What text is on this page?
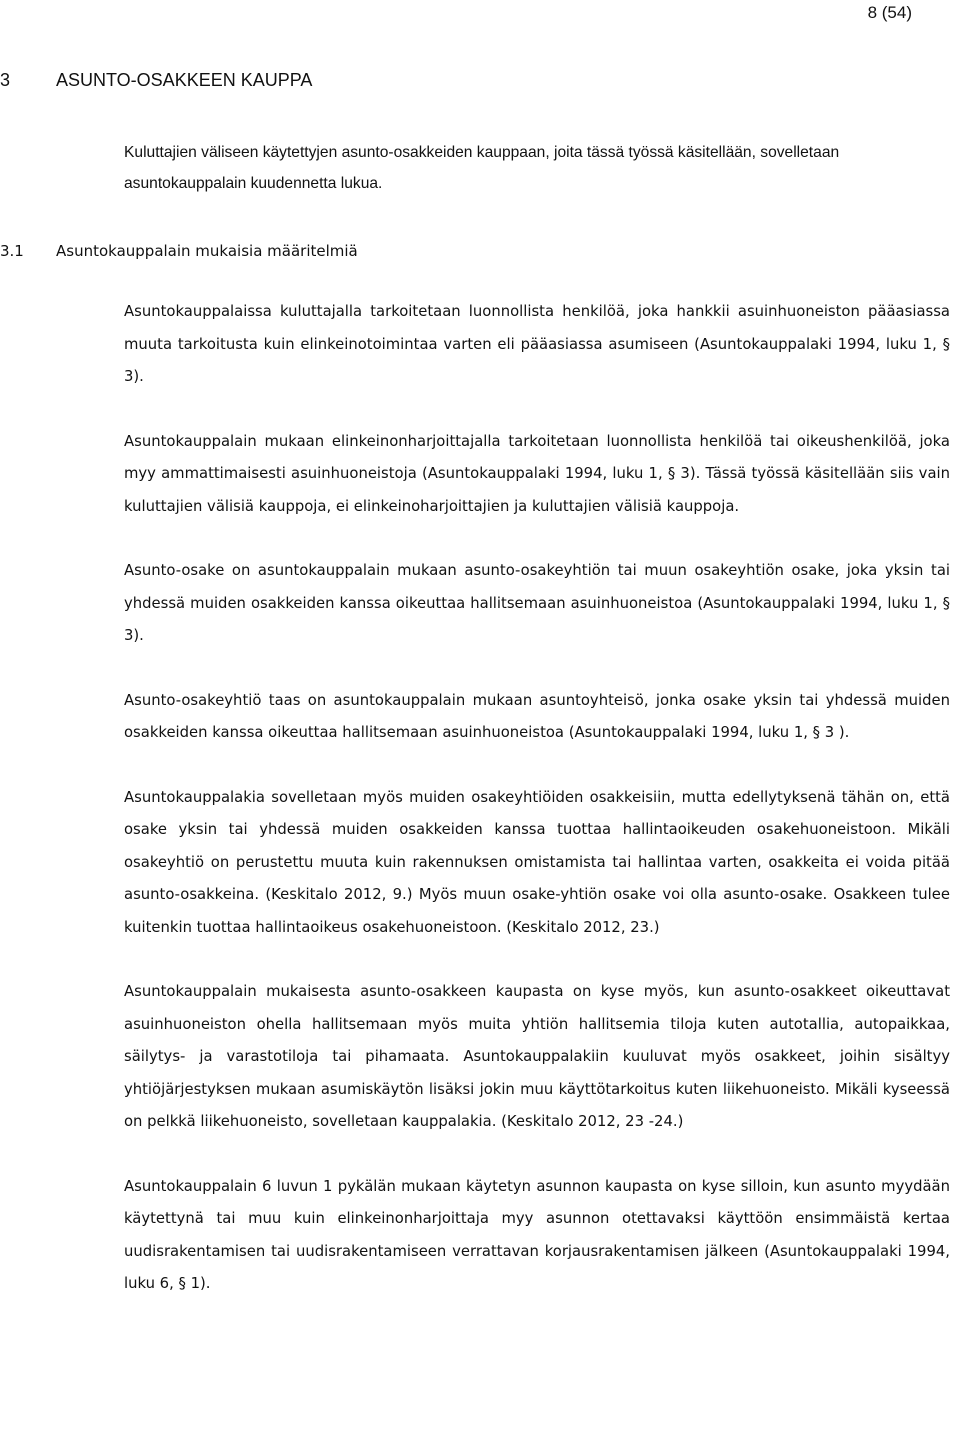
8 (54)
3	ASUNTO-OSAKKEEN KAUPPA

Kuluttajien väliseen käytettyjen asunto-osakkeiden kauppaan, joita tässä työssä käsitellään, sovelletaan asuntokauppalain kuudennetta lukua.

3.1 Asuntokauppalain mukaisia määritelmiä

Asuntokauppalaissa kuluttajalla tarkoitetaan luonnollista henkilöä, joka hankkii asuinhuoneiston pääasiassa muuta tarkoitusta kuin elinkeinotoimintaa varten eli pääasiassa asumiseen (Asuntokauppalaki 1994, luku 1, § 3).

Asuntokauppalain mukaan elinkeinonharjoittajalla tarkoitetaan luonnollista henkilöä tai oikeushenkilöä, joka myy ammattimaisesti asuinhuoneistoja (Asuntokauppalaki 1994, luku 1, § 3). Tässä työssä käsitellään siis vain kuluttajien välisiä kauppoja, ei elinkeinoharjoittajien ja kuluttajien välisiä kauppoja.

Asunto-osake on asuntokauppalain mukaan asunto-osakeyhtiön tai muun osakeyhtiön osake, joka yksin tai yhdessä muiden osakkeiden kanssa oikeuttaa hallitsemaan asuinhuoneistoa (Asuntokauppalaki 1994, luku 1, § 3).

Asunto-osakeyhtiö taas on asuntokauppalain mukaan asuntoyhteisö, jonka osake yksin tai yhdessä muiden osakkeiden kanssa oikeuttaa hallitsemaan asuinhuoneistoa (Asuntokauppalaki 1994, luku 1, § 3 ).

Asuntokauppalakia sovelletaan myös muiden osakeyhtiöiden osakkeisiin, mutta edellytyksenä tähän on, että osake yksin tai yhdessä muiden osakkeiden kanssa tuottaa hallintaoikeuden osakehuoneistoon. Mikäli osakeyhtiö on perustettu muuta kuin rakennuksen omistamista tai hallintaa varten, osakkeita ei voida pitää asunto-osakkeina. (Keskitalo 2012, 9.) Myös muun osake-yhtiön osake voi olla asunto-osake. Osakkeen tulee kuitenkin tuottaa hallintaoikeus osakehuoneistoon. (Keskitalo 2012, 23.)

Asuntokauppalain mukaisesta asunto-osakkeen kaupasta on kyse myös, kun asunto-osakkeet oikeuttavat asuinhuoneiston ohella hallitsemaan myös muita yhtiön hallitsemia tiloja kuten autotallia, autopaikkaa, säilytys- ja varastotiloja tai pihamaata. Asuntokauppalakiin kuuluvat myös osakkeet, joihin sisältyy yhtiöjärjestyksen mukaan asumiskäytön lisäksi jokin muu käyttötarkoitus kuten liikehuoneisto. Mikäli kyseessä on pelkkä liikehuoneisto, sovelletaan kauppalakia. (Keskitalo 2012, 23 -24.)

Asuntokauppalain 6 luvun 1 pykälän mukaan käytetyn asunnon kaupasta on kyse silloin, kun asunto myydään käytettynä tai muu kuin elinkeinonharjoittaja myy asunnon otettavaksi käyttöön ensimmäistä kertaa uudisrakentamisen tai uudisrakentamiseen verrattavan korjausrakentamisen jälkeen (Asuntokauppalaki 1994, luku 6, § 1).
